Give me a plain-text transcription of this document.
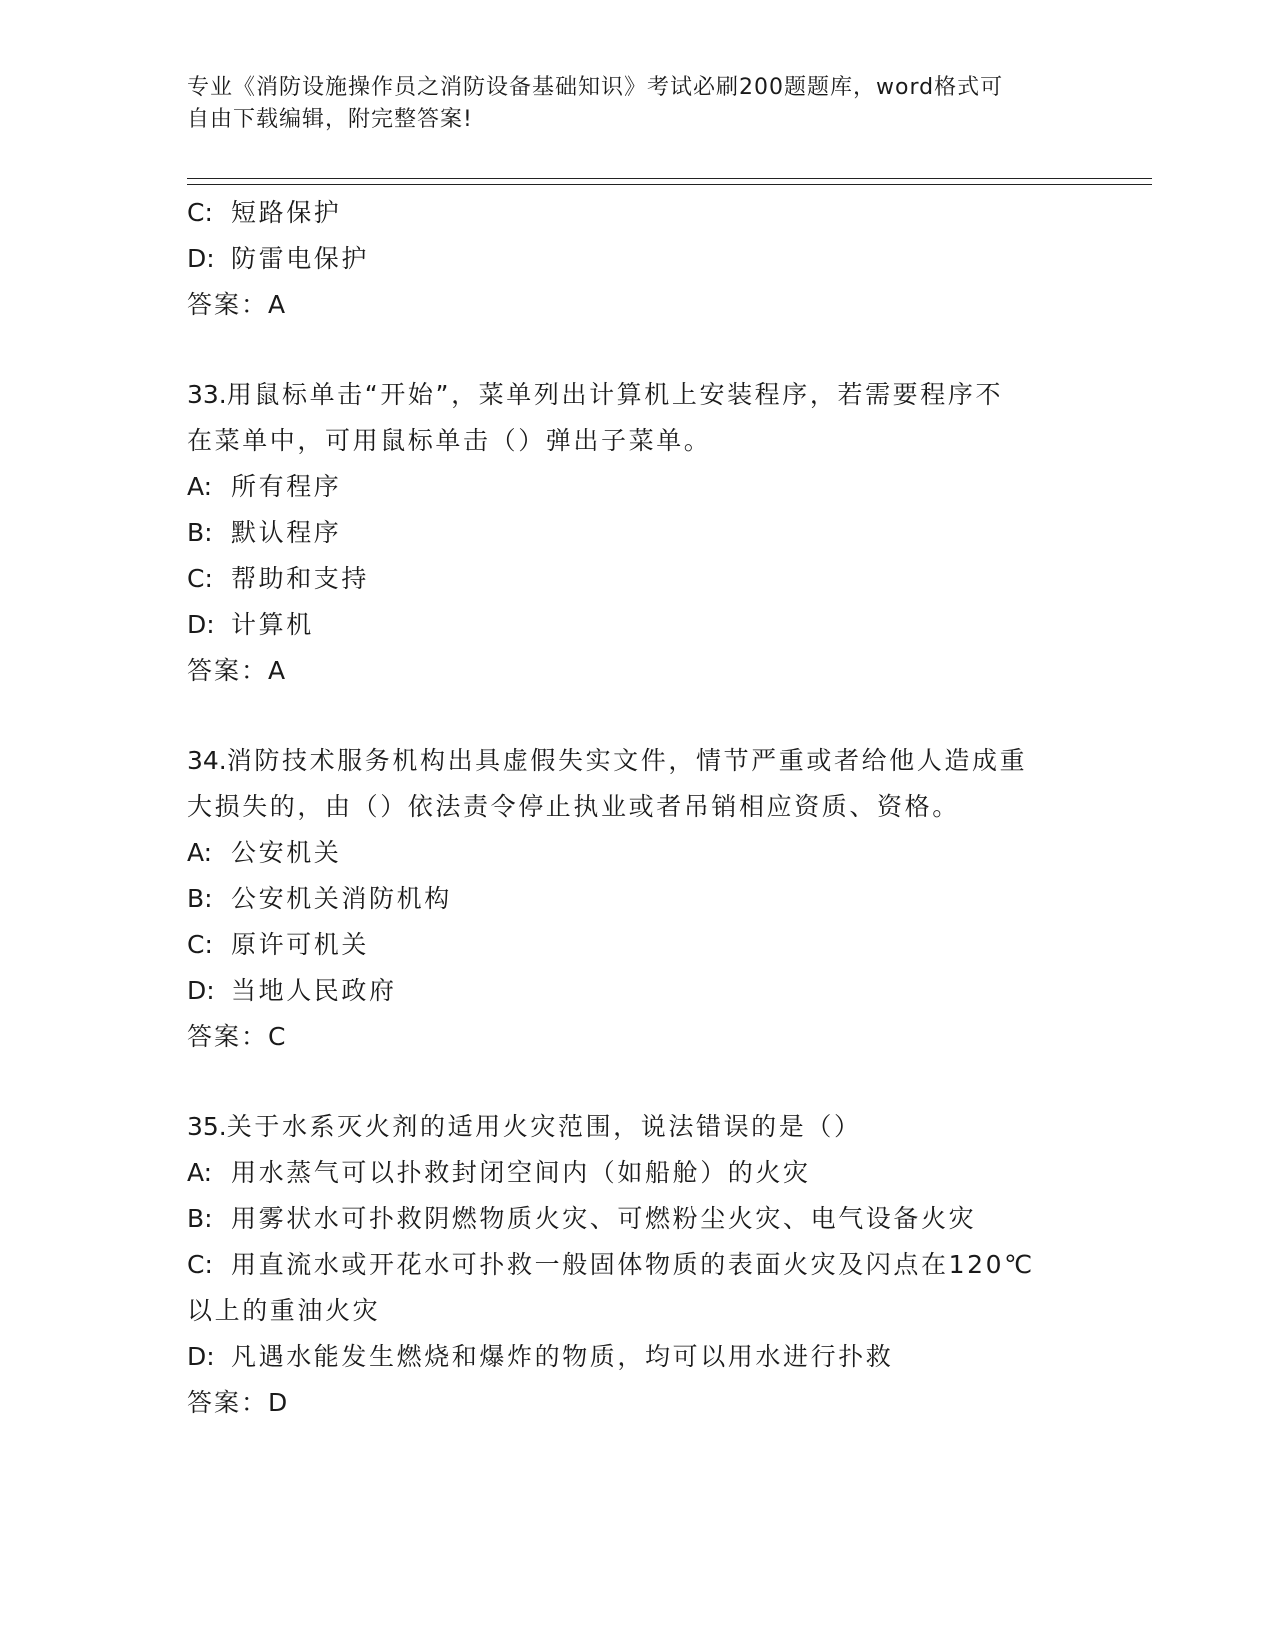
专业《消防设施操作员之消防设备基础知识》考试必刷200题题库，word格式可
自由下载编辑，附完整答案!
C: 短路保护
D: 防雷电保护
答案：A
33.用鼠标单击“开始”，菜单列出计算机上安装程序，若需要程序不
在菜单中，可用鼠标单击（）弹出子菜单。
A: 所有程序
B: 默认程序
C: 帮助和支持
D: 计算机
答案：A
34.消防技术服务机构出具虚假失实文件，情节严重或者给他人造成重
大损失的，由（）依法责令停止执业或者吊销相应资质、资格。
A: 公安机关
B: 公安机关消防机构
C: 原许可机关
D: 当地人民政府
答案：C
35.关于水系灭火剂的适用火灾范围，说法错误的是（）
A: 用水蒸气可以扑救封闭空间内（如船舱）的火灾
B: 用雾状水可扑救阴燃物质火灾、可燃粉尘火灾、电气设备火灾
C: 用直流水或开花水可扑救一般固体物质的表面火灾及闪点在120℃
以上的重油火灾
D: 凡遇水能发生燃烧和爆炸的物质，均可以用水进行扑救
答案：D
